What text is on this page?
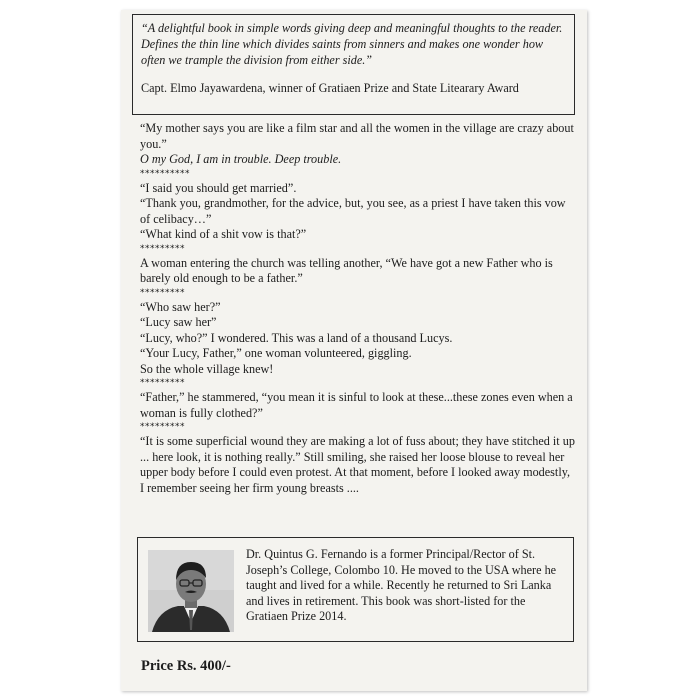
“A delightful book in simple words giving deep and meaningful thoughts to the reader. Defines the thin line which divides saints from sinners and makes one wonder how often we trample the division from either side.”

Capt. Elmo Jayawardena, winner of Gratiaen Prize and State Litearary Award

“My mother says you are like a film star and all the women in the village are crazy about you.”

O my God, I am in trouble. Deep trouble.

**********

“I said you should get married”.

“Thank you, grandmother, for the advice, but, you see, as a priest I have taken this vow of celibacy…”

“What kind of a shit vow is that?”

*********

A woman entering the church was telling another, “We have got a new Father who is barely old enough to be a father.”

*********

“Who saw her?”

“Lucy saw her”

“Lucy, who?” I wondered. This was a land of a thousand Lucys.

“Your Lucy, Father,” one woman volunteered, giggling.

So the whole village knew!

*********

“Father,” he stammered, “you mean it is sinful to look at these...these zones even when a woman is fully clothed?”

*********

“It is some superficial wound they are making a lot of fuss about; they have stitched it up ... here look, it is nothing really.” Still smiling, she raised her loose blouse to reveal her upper body before I could even protest. At that moment, before I looked away modestly, I remember seeing her firm young breasts ....

Dr. Quintus G. Fernando is a former Principal/Rector of St. Joseph’s College, Colombo 10. He moved to the USA where he taught and lived for a while. Recently he returned to Sri Lanka and lives in retirement. This book was short-listed for the Gratiaen Prize 2014.

Price Rs. 400/-
